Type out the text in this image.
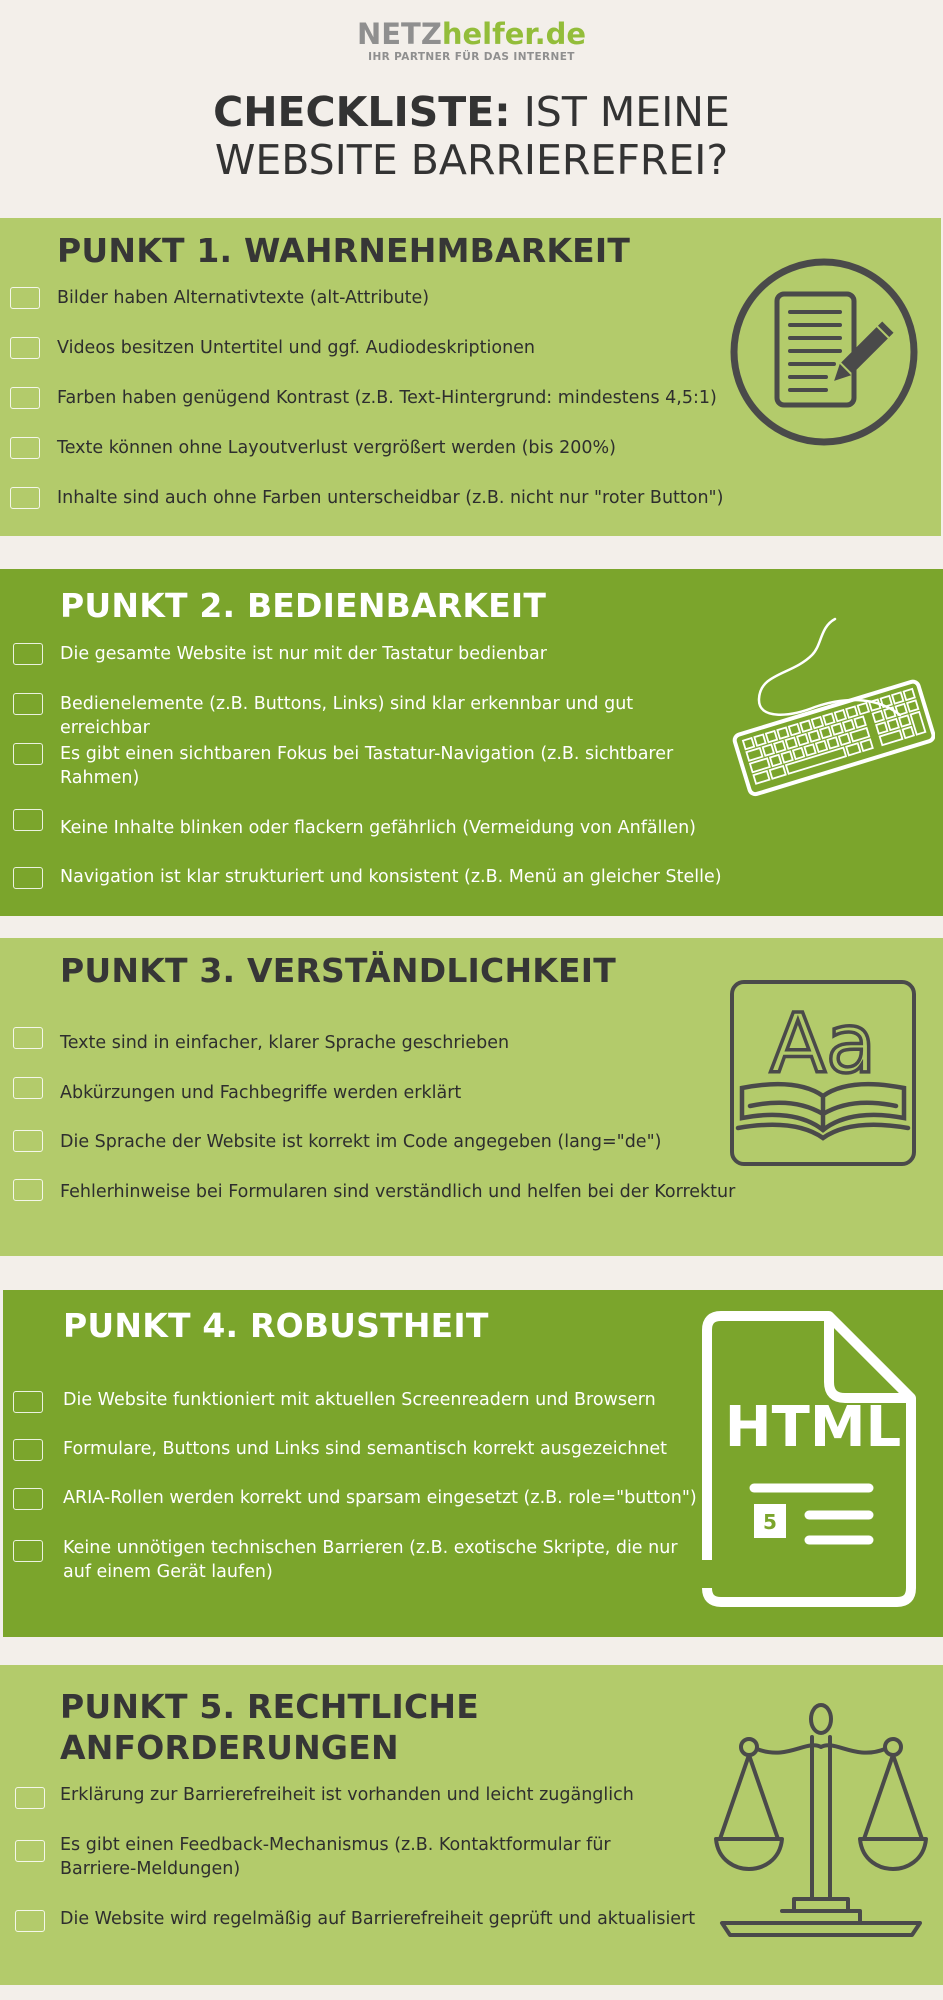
NETZhelfer.de
IHR PARTNER FÜR DAS INTERNET
CHECKLISTE: IST MEINE
WEBSITE BARRIEREFREI?
PUNKT 1. WAHRNEHMBARKEIT
Bilder haben Alternativtexte (alt-Attribute)
Videos besitzen Untertitel und ggf. Audiodeskriptionen
Farben haben genügend Kontrast (z.B. Text-Hintergrund: mindestens 4,5:1)
Texte können ohne Layoutverlust vergrößert werden (bis 200%)
Inhalte sind auch ohne Farben unterscheidbar (z.B. nicht nur "roter Button")
PUNKT 2. BEDIENBARKEIT
Die gesamte Website ist nur mit der Tastatur bedienbar
Bedienelemente (z.B. Buttons, Links) sind klar erkennbar und gut erreichbar
Es gibt einen sichtbaren Fokus bei Tastatur-Navigation (z.B. sichtbarer Rahmen)
Keine Inhalte blinken oder flackern gefährlich (Vermeidung von Anfällen)
Navigation ist klar strukturiert und konsistent (z.B. Menü an gleicher Stelle)
PUNKT 3. VERSTÄNDLICHKEIT
Texte sind in einfacher, klarer Sprache geschrieben
Abkürzungen und Fachbegriffe werden erklärt
Die Sprache der Website ist korrekt im Code angegeben (lang="de")
Fehlerhinweise bei Formularen sind verständlich und helfen bei der Korrektur
Aa
PUNKT 4. ROBUSTHEIT
Die Website funktioniert mit aktuellen Screenreadern und Browsern
Formulare, Buttons und Links sind semantisch korrekt ausgezeichnet
ARIA-Rollen werden korrekt und sparsam eingesetzt (z.B. role="button")
Keine unnötigen technischen Barrieren (z.B. exotische Skripte, die nur auf einem Gerät laufen)
HTML
5
PUNKT 5. RECHTLICHE ANFORDERUNGEN
Erklärung zur Barrierefreiheit ist vorhanden und leicht zugänglich
Es gibt einen Feedback-Mechanismus (z.B. Kontaktformular für Barriere-Meldungen)
Die Website wird regelmäßig auf Barrierefreiheit geprüft und aktualisiert
